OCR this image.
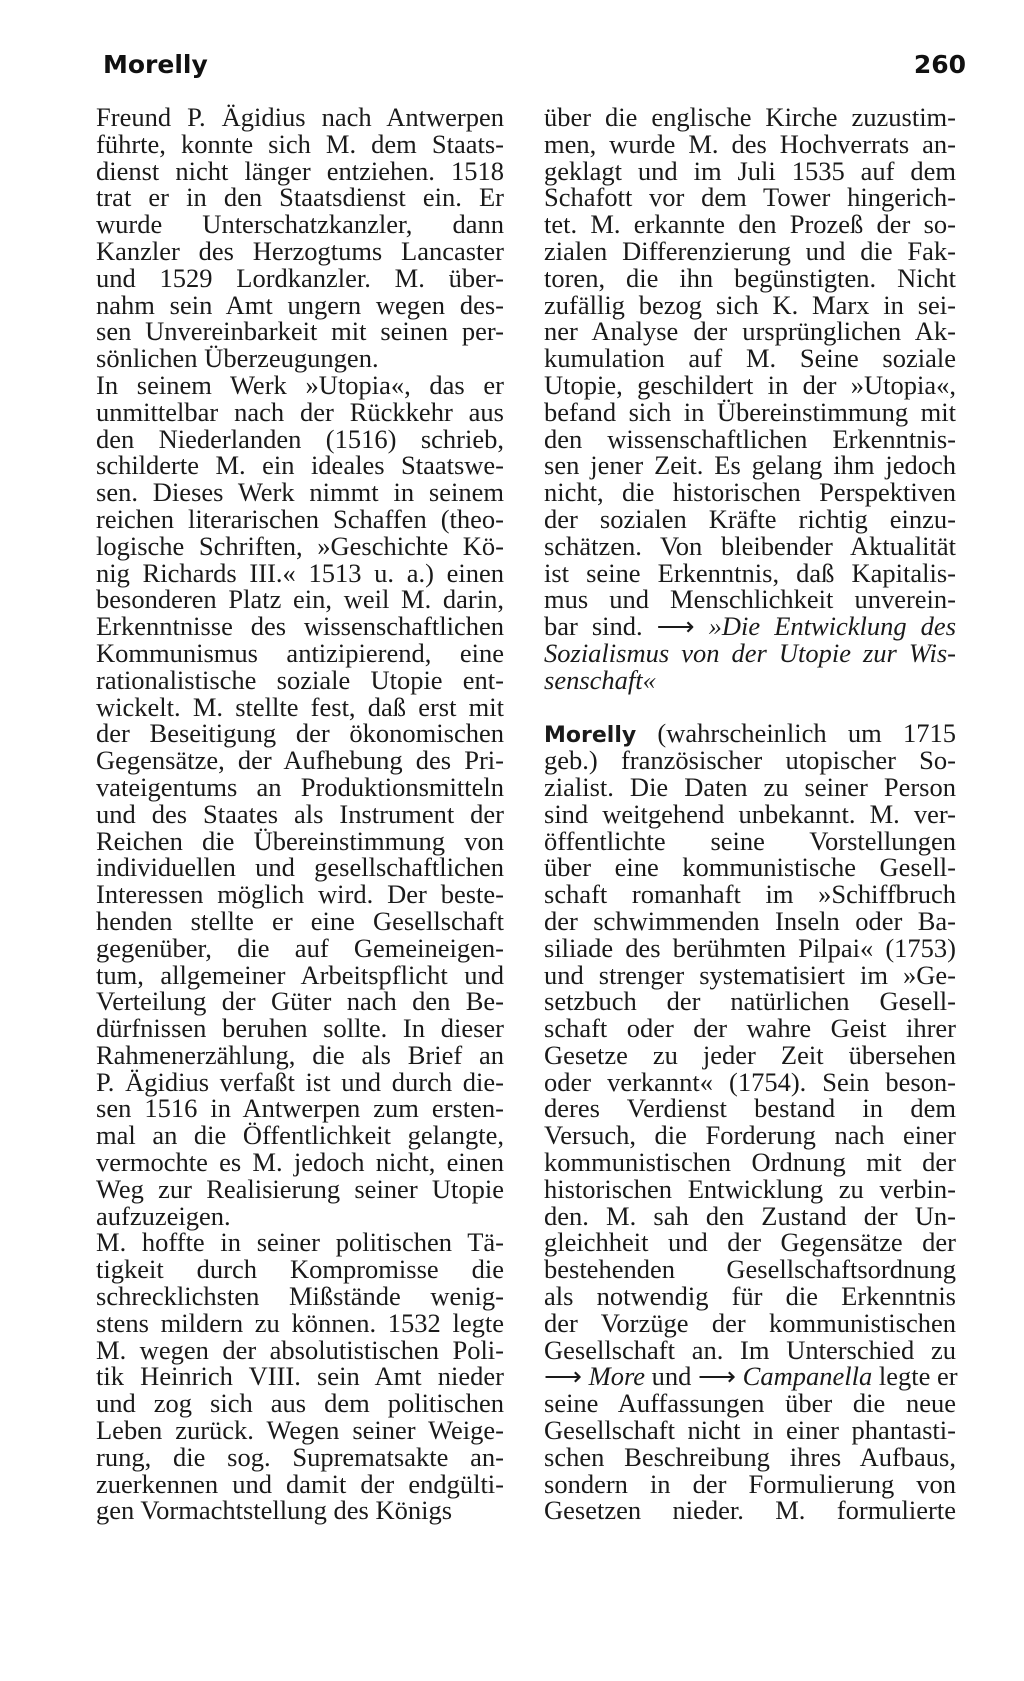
Morelly	260
Freund P. Ägidius nach Antwerpen
führte, konnte sich M. dem Staats-
dienst nicht länger entziehen. 1518
trat er in den Staatsdienst ein. Er
wurde Unterschatzkanzler, dann
Kanzler des Herzogtums Lancaster
und 1529 Lordkanzler. M. über-
nahm sein Amt ungern wegen des-
sen Unvereinbarkeit mit seinen per-
sönlichen Überzeugungen.
In seinem Werk »Utopia«, das er
unmittelbar nach der Rückkehr aus
den Niederlanden (1516) schrieb,
schilderte M. ein ideales Staatswe-
sen. Dieses Werk nimmt in seinem
reichen literarischen Schaffen (theo-
logische Schriften, »Geschichte Kö-
nig Richards III.« 1513 u. a.) einen
besonderen Platz ein, weil M. darin,
Erkenntnisse des wissenschaftlichen
Kommunismus antizipierend, eine
rationalistische soziale Utopie ent-
wickelt. M. stellte fest, daß erst mit
der Beseitigung der ökonomischen
Gegensätze, der Aufhebung des Pri-
vateigentums an Produktionsmitteln
und des Staates als Instrument der
Reichen die Übereinstimmung von
individuellen und gesellschaftlichen
Interessen möglich wird. Der beste-
henden stellte er eine Gesellschaft
gegenüber, die auf Gemeineigen-
tum, allgemeiner Arbeitspflicht und
Verteilung der Güter nach den Be-
dürfnissen beruhen sollte. In dieser
Rahmenerzählung, die als Brief an
P. Ägidius verfaßt ist und durch die-
sen 1516 in Antwerpen zum ersten-
mal an die Öffentlichkeit gelangte,
vermochte es M. jedoch nicht, einen
Weg zur Realisierung seiner Utopie
aufzuzeigen.
M. hoffte in seiner politischen Tä-
tigkeit durch Kompromisse die
schrecklichsten Mißstände wenig-
stens mildern zu können. 1532 legte
M. wegen der absolutistischen Poli-
tik Heinrich VIII. sein Amt nieder
und zog sich aus dem politischen
Leben zurück. Wegen seiner Weige-
rung, die sog. Suprematsakte an-
zuerkennen und damit der endgülti-
gen Vormachtstellung des Königs
über die englische Kirche zuzustim-
men, wurde M. des Hochverrats an-
geklagt und im Juli 1535 auf dem
Schafott vor dem Tower hingerich-
tet. M. erkannte den Prozeß der so-
zialen Differenzierung und die Fak-
toren, die ihn begünstigten. Nicht
zufällig bezog sich K. Marx in sei-
ner Analyse der ursprünglichen Ak-
kumulation auf M. Seine soziale
Utopie, geschildert in der »Utopia«,
befand sich in Übereinstimmung mit
den wissenschaftlichen Erkenntnis-
sen jener Zeit. Es gelang ihm jedoch
nicht, die historischen Perspektiven
der sozialen Kräfte richtig einzu-
schätzen. Von bleibender Aktualität
ist seine Erkenntnis, daß Kapitalis-
mus und Menschlichkeit unverein-
bar sind. ⟶ »Die Entwicklung des
Sozialismus von der Utopie zur Wis-
senschaft«
Morelly (wahrscheinlich um 1715
geb.) französischer utopischer So-
zialist. Die Daten zu seiner Person
sind weitgehend unbekannt. M. ver-
öffentlichte seine Vorstellungen
über eine kommunistische Gesell-
schaft romanhaft im »Schiffbruch
der schwimmenden Inseln oder Ba-
siliade des berühmten Pilpai« (1753)
und strenger systematisiert im »Ge-
setzbuch der natürlichen Gesell-
schaft oder der wahre Geist ihrer
Gesetze zu jeder Zeit übersehen
oder verkannt« (1754). Sein beson-
deres Verdienst bestand in dem
Versuch, die Forderung nach einer
kommunistischen Ordnung mit der
historischen Entwicklung zu verbin-
den. M. sah den Zustand der Un-
gleichheit und der Gegensätze der
bestehenden Gesellschaftsordnung
als notwendig für die Erkenntnis
der Vorzüge der kommunistischen
Gesellschaft an. Im Unterschied zu
⟶ More und ⟶ Campanella legte er
seine Auffassungen über die neue
Gesellschaft nicht in einer phantasti-
schen Beschreibung ihres Aufbaus,
sondern in der Formulierung von
Gesetzen nieder. M. formulierte
